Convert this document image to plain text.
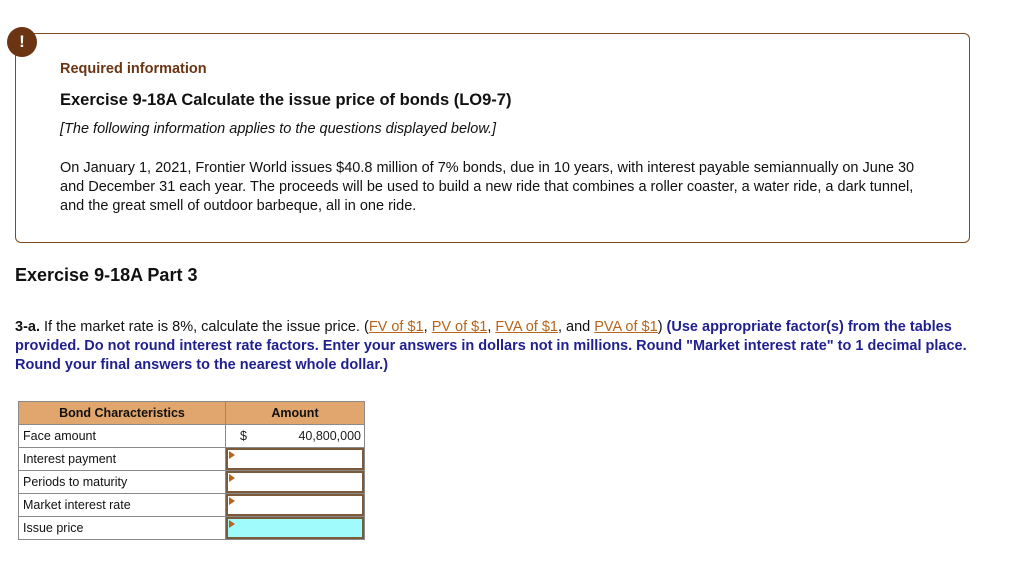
!
Required information
Exercise 9-18A Calculate the issue price of bonds (LO9-7)
[The following information applies to the questions displayed below.]
On January 1, 2021, Frontier World issues $40.8 million of 7% bonds, due in 10 years, with interest payable semiannually on June 30 and December 31 each year. The proceeds will be used to build a new ride that combines a roller coaster, a water ride, a dark tunnel, and the great smell of outdoor barbeque, all in one ride.
Exercise 9-18A Part 3
3-a. If the market rate is 8%, calculate the issue price. (FV of $1, PV of $1, FVA of $1, and PVA of $1) (Use appropriate factor(s) from the tables provided. Do not round interest rate factors. Enter your answers in dollars not in millions. Round "Market interest rate" to 1 decimal place. Round your final answers to the nearest whole dollar.)
Bond Characteristics	Amount
Face amount	$ 40,800,000

Interest payment	

Periods to maturity	

Market interest rate	

Issue price	
